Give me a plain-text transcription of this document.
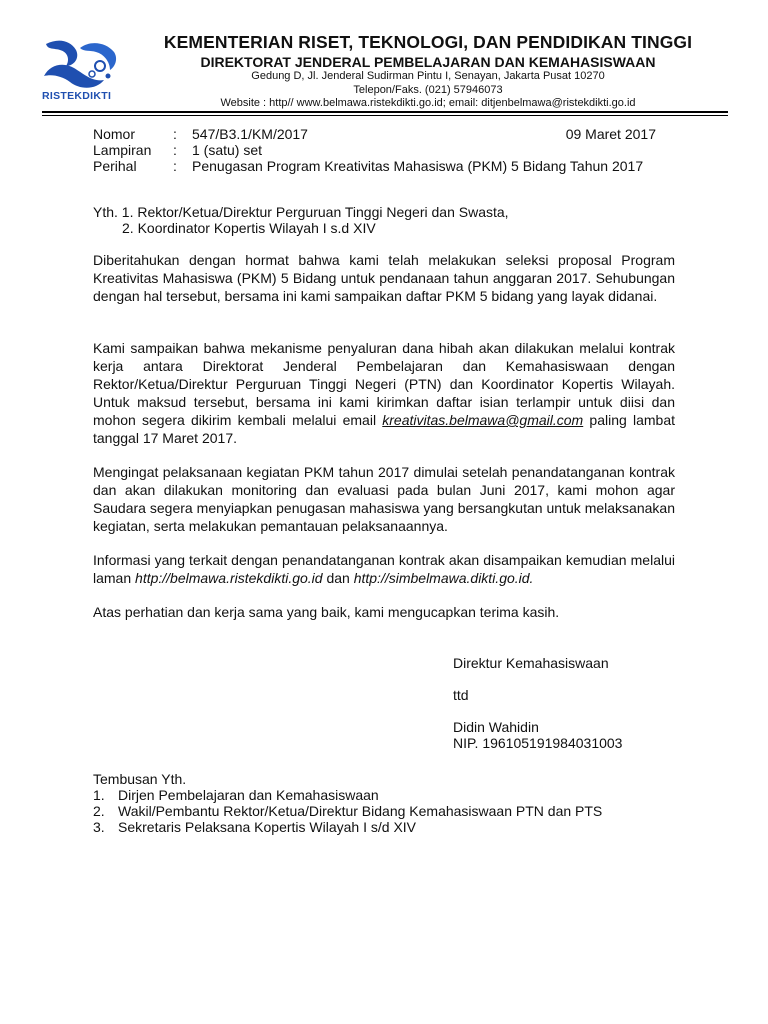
RISTEKDIKTI
KEMENTERIAN RISET, TEKNOLOGI, DAN PENDIDIKAN TINGGI
DIREKTORAT JENDERAL PEMBELAJARAN DAN KEMAHASISWAAN
Gedung D, Jl. Jenderal Sudirman Pintu I, Senayan, Jakarta Pusat 10270
Telepon/Faks. (021) 57946073
Website : http// www.belmawa.ristekdikti.go.id; email: ditjenbelmawa@ristekdikti.go.id
Nomor	:	547/B3.1/KM/2017	09 Maret 2017
Lampiran	:	1 (satu) set
Perihal	:	Penugasan Program Kreativitas Mahasiswa (PKM) 5 Bidang Tahun 2017
Yth. 1. Rektor/Ketua/Direktur Perguruan Tinggi Negeri dan Swasta,
2. Koordinator Kopertis Wilayah I s.d XIV

Diberitahukan dengan hormat bahwa kami telah melakukan seleksi proposal Program Kreativitas Mahasiswa (PKM) 5 Bidang untuk pendanaan tahun anggaran 2017. Sehubungan dengan hal tersebut, bersama ini kami sampaikan daftar PKM 5 bidang yang layak didanai.

Kami sampaikan bahwa mekanisme penyaluran dana hibah akan dilakukan melalui kontrak kerja antara Direktorat Jenderal Pembelajaran dan Kemahasiswaan dengan Rektor/Ketua/Direktur Perguruan Tinggi Negeri (PTN) dan Koordinator Kopertis Wilayah. Untuk maksud tersebut, bersama ini kami kirimkan daftar isian terlampir untuk diisi dan mohon segera dikirim kembali melalui email kreativitas.belmawa@gmail.com paling lambat tanggal 17 Maret 2017.

Mengingat pelaksanaan kegiatan PKM tahun 2017 dimulai setelah penandatanganan kontrak dan akan dilakukan monitoring dan evaluasi pada bulan Juni 2017, kami mohon agar Saudara segera menyiapkan penugasan mahasiswa yang bersangkutan untuk melaksanakan kegiatan, serta melakukan pemantauan pelaksanaannya.

Informasi yang terkait dengan penandatanganan kontrak akan disampaikan kemudian melalui laman http://belmawa.ristekdikti.go.id dan http://simbelmawa.dikti.go.id.

Atas perhatian dan kerja sama yang baik, kami mengucapkan terima kasih.

Direktur Kemahasiswaan
ttd
Didin Wahidin
NIP. 196105191984031003
Tembusan Yth.
1. Dirjen Pembelajaran dan Kemahasiswaan
2. Wakil/Pembantu Rektor/Ketua/Direktur Bidang Kemahasiswaan PTN dan PTS
3. Sekretaris Pelaksana Kopertis Wilayah I s/d XIV
